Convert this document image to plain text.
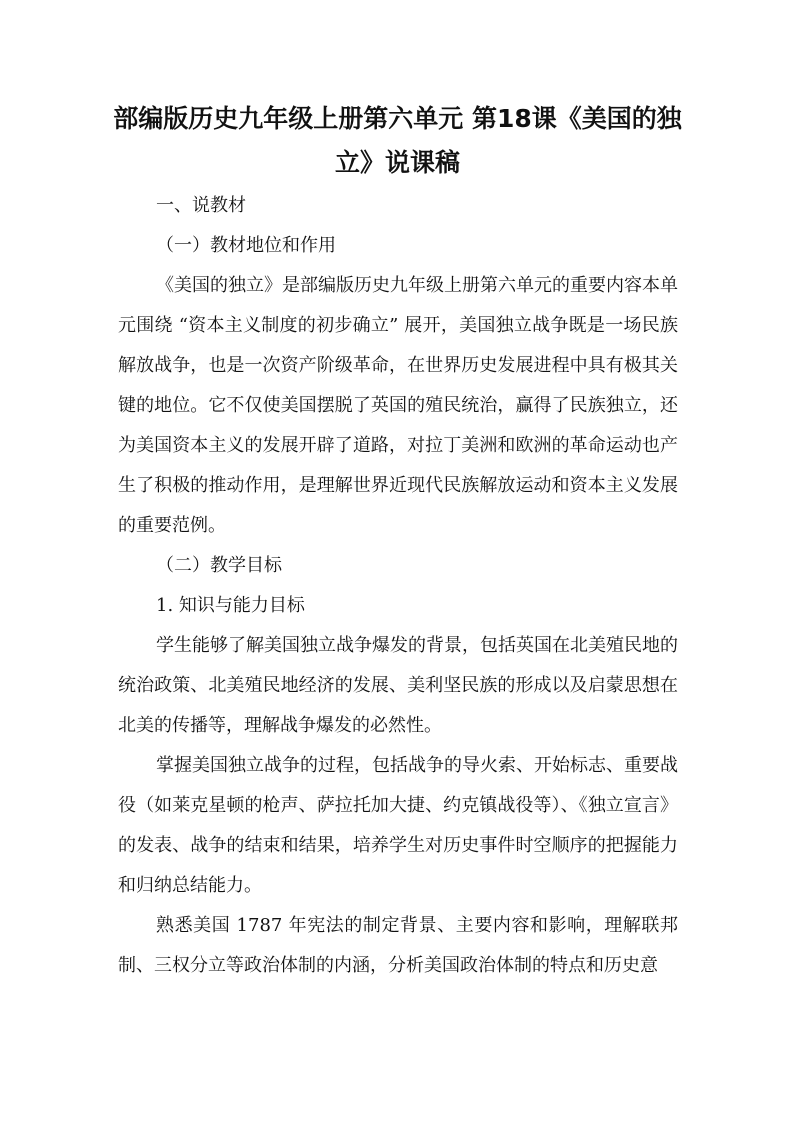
部编版历史九年级上册第六单元 第18课《美国的独立》说课稿

一、说教材

（一）教材地位和作用

《美国的独立》是部编版历史九年级上册第六单元的重要内容本单元围绕 “资本主义制度的初步确立” 展开，美国独立战争既是一场民族解放战争，也是一次资产阶级革命，在世界历史发展进程中具有极其关键的地位。它不仅使美国摆脱了英国的殖民统治，赢得了民族独立，还为美国资本主义的发展开辟了道路，对拉丁美洲和欧洲的革命运动也产生了积极的推动作用，是理解世界近现代民族解放运动和资本主义发展的重要范例。

（二）教学目标

1. 知识与能力目标

学生能够了解美国独立战争爆发的背景，包括英国在北美殖民地的统治政策、北美殖民地经济的发展、美利坚民族的形成以及启蒙思想在北美的传播等，理解战争爆发的必然性。

掌握美国独立战争的过程，包括战争的导火索、开始标志、重要战役（如莱克星顿的枪声、萨拉托加大捷、约克镇战役等）、《独立宣言》的发表、战争的结束和结果，培养学生对历史事件时空顺序的把握能力和归纳总结能力。

熟悉美国 1787 年宪法的制定背景、主要内容和影响，理解联邦制、三权分立等政治体制的内涵，分析美国政治体制的特点和历史意
